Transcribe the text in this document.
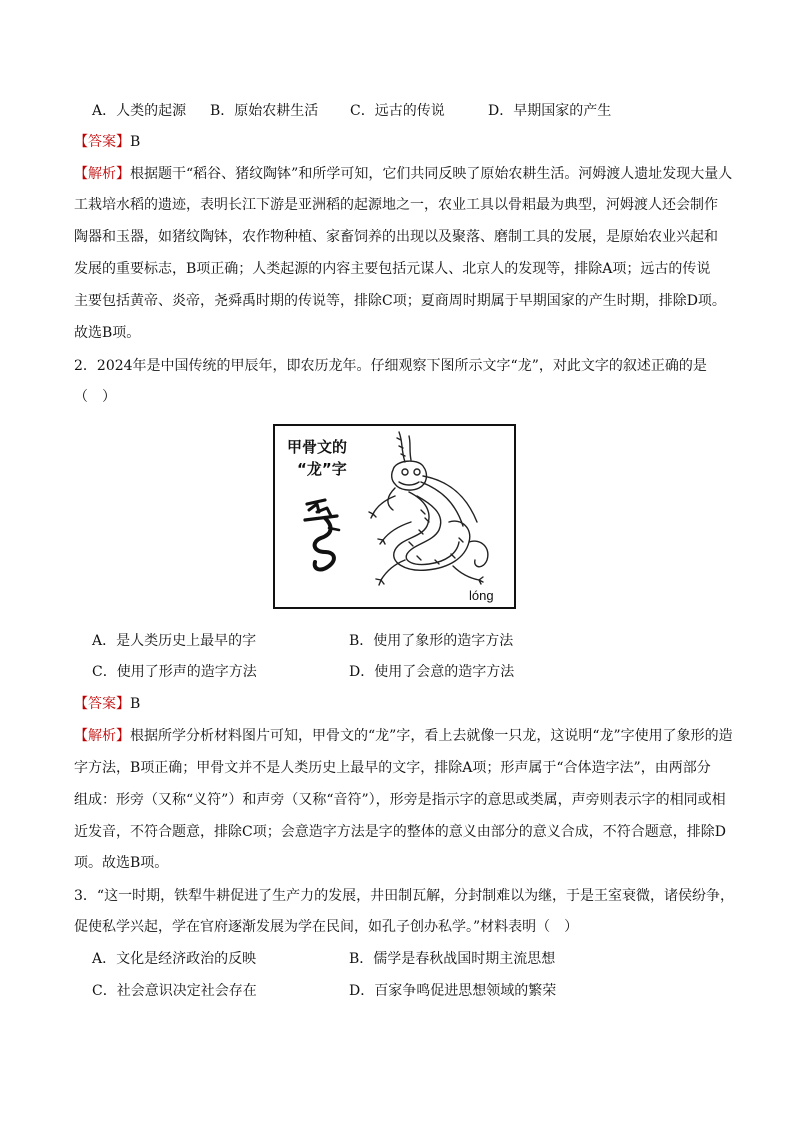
A．人类的起源 B．原始农耕生活 C．远古的传说	D．早期国家的产生
【答案】B
【解析】根据题干“稻谷、猪纹陶钵”和所学可知，它们共同反映了原始农耕生活。河姆渡人遗址发现大量人
工栽培水稻的遗迹，表明长江下游是亚洲稻的起源地之一，农业工具以骨耜最为典型，河姆渡人还会制作
陶器和玉器，如猪纹陶钵，农作物种植、家畜饲养的出现以及聚落、磨制工具的发展，是原始农业兴起和
发展的重要标志，B项正确；人类起源的内容主要包括元谋人、北京人的发现等，排除A项；远古的传说
主要包括黄帝、炎帝，尧舜禹时期的传说等，排除C项；夏商周时期属于早期国家的产生时期，排除D项。
故选B项。
2．2024年是中国传统的甲辰年，即农历龙年。仔细观察下图所示文字“龙”，对此文字的叙述正确的是
（　）
甲骨文的
“龙”字
lóng
A．是人类历史上最早的字	B．使用了象形的造字方法
C．使用了形声的造字方法	D．使用了会意的造字方法
【答案】B
【解析】根据所学分析材料图片可知，甲骨文的“龙”字，看上去就像一只龙，这说明“龙”字使用了象形的造
字方法，B项正确；甲骨文并不是人类历史上最早的文字，排除A项；形声属于“合体造字法”，由两部分
组成：形旁（又称“义符”）和声旁（又称“音符”），形旁是指示字的意思或类属，声旁则表示字的相同或相
近发音，不符合题意，排除C项；会意造字方法是字的整体的意义由部分的意义合成，不符合题意，排除D
项。故选B项。
3．“这一时期，铁犁牛耕促进了生产力的发展，井田制瓦解，分封制难以为继，于是王室衰微，诸侯纷争，
促使私学兴起，学在官府逐渐发展为学在民间，如孔子创办私学。”材料表明（　）
A．文化是经济政治的反映	B．儒学是春秋战国时期主流思想
C．社会意识决定社会存在	D．百家争鸣促进思想领域的繁荣
